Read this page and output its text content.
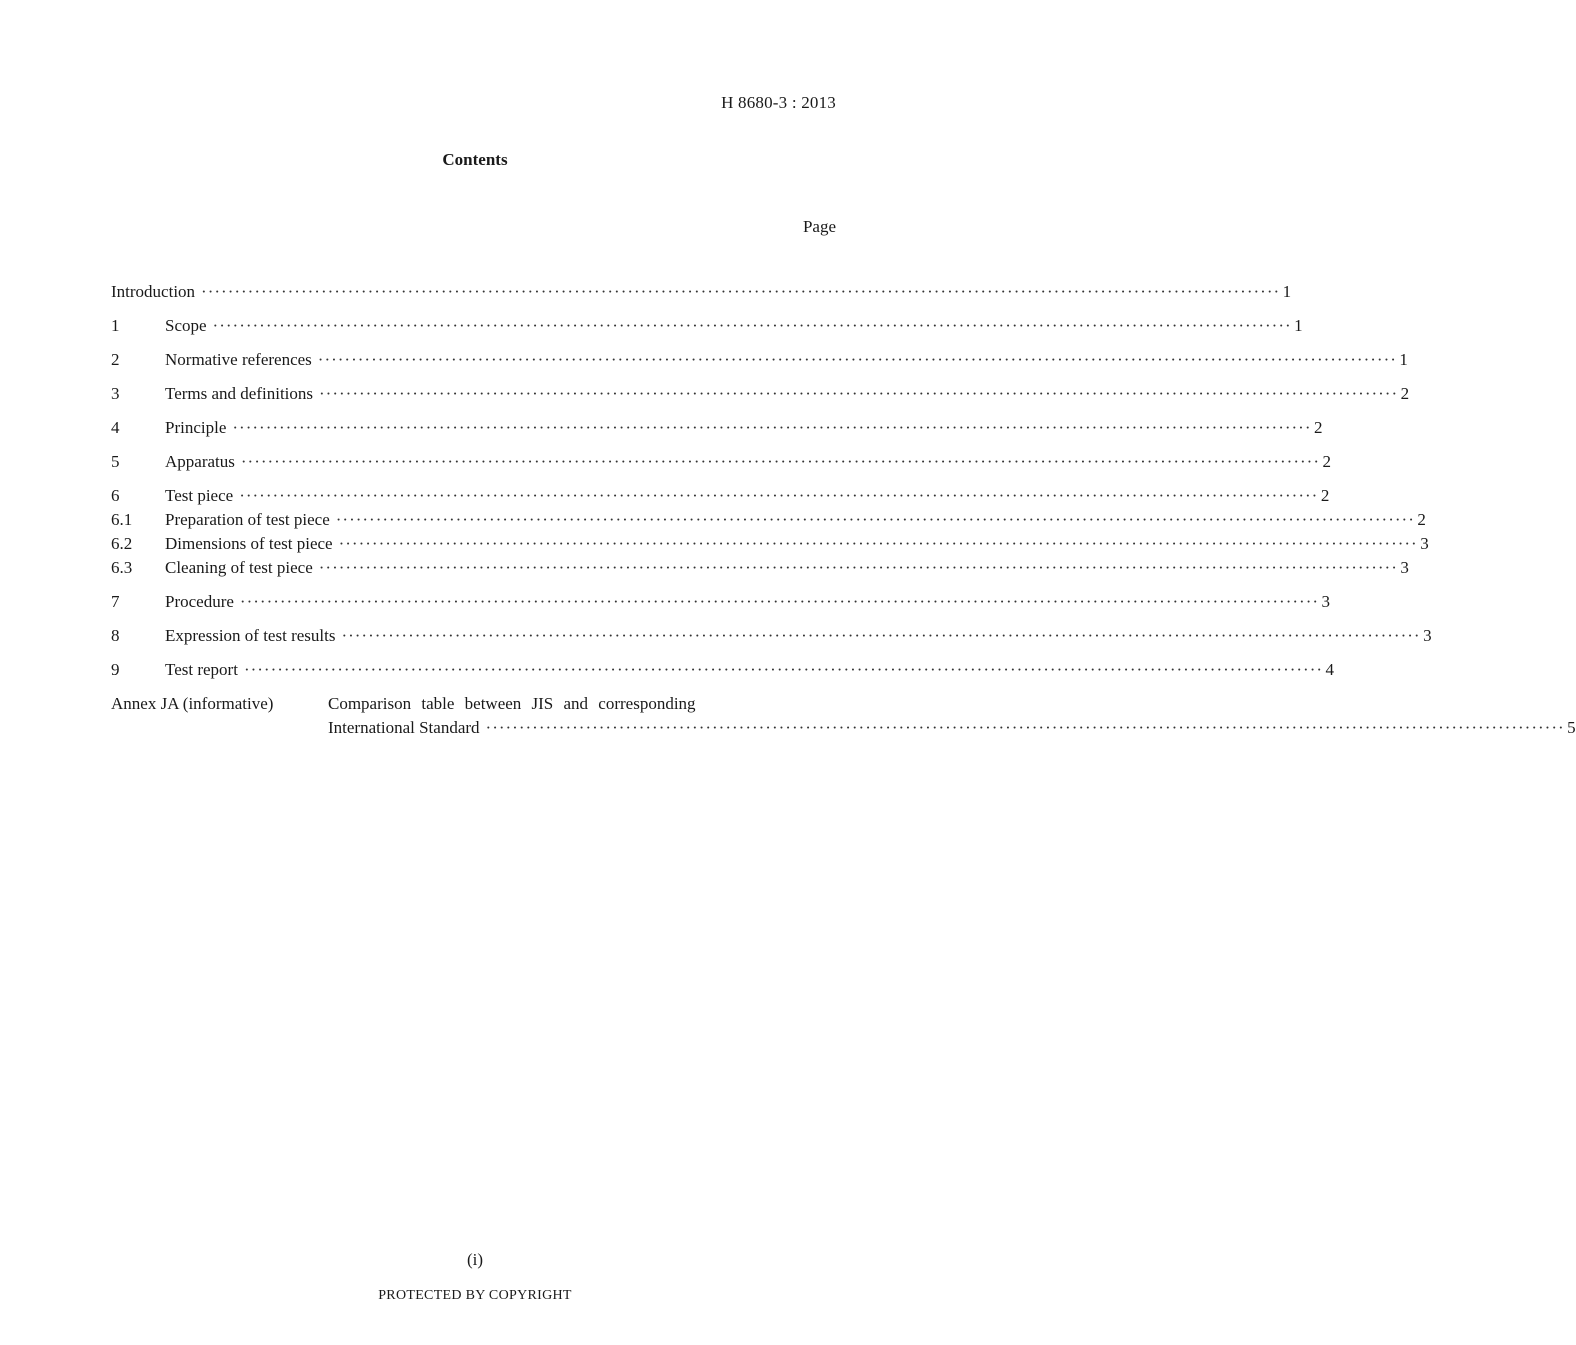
H 8680-3 : 2013
Contents
Page
Introduction ·····	1
1	Scope ·····	1
2	Normative references ·····	1
3	Terms and definitions ·····	2
4	Principle ·····	2
5	Apparatus ·····	2
6	Test piece ·····	2
6.1	Preparation of test piece ·····	2
6.2	Dimensions of test piece ·····	3
6.3	Cleaning of test piece ·····	3
7	Procedure ·····	3
8	Expression of test results ·····	3
9	Test report ·····	4
Annex JA (informative)	Comparison table between JIS and corresponding
International Standard ·····	5
(i)
PROTECTED BY COPYRIGHT
